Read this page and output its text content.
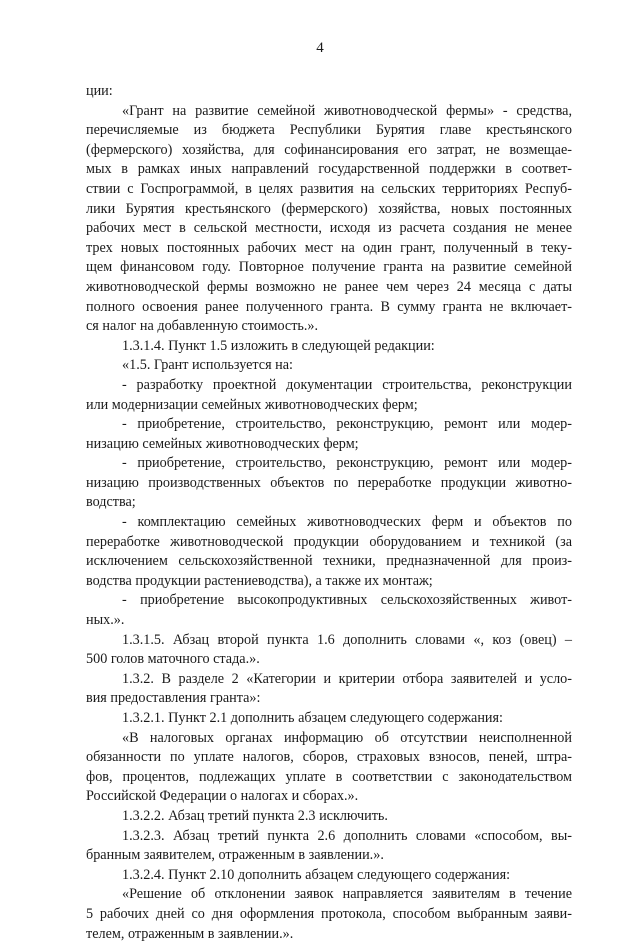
4
ции:
«Грант на развитие семейной животноводческой фермы» - средства,
перечисляемые из бюджета Республики Бурятия главе крестьянского
(фермерского) хозяйства, для софинансирования его затрат, не возмещае-
мых в рамках иных направлений государственной поддержки в соответ-
ствии с Госпрограммой, в целях развития на сельских территориях Респуб-
лики Бурятия крестьянского (фермерского) хозяйства, новых постоянных
рабочих мест в сельской местности, исходя из расчета создания не менее
трех новых постоянных рабочих мест на один грант, полученный в теку-
щем финансовом году. Повторное получение гранта на развитие семейной
животноводческой фермы возможно не ранее чем через 24 месяца с даты
полного освоения ранее полученного гранта. В сумму гранта не включает-
ся налог на добавленную стоимость.».
1.3.1.4. Пункт 1.5 изложить в следующей редакции:
«1.5. Грант используется на:
- разработку проектной документации строительства, реконструкции
или модернизации семейных животноводческих ферм;
- приобретение, строительство, реконструкцию, ремонт или модер-
низацию семейных животноводческих ферм;
- приобретение, строительство, реконструкцию, ремонт или модер-
низацию производственных объектов по переработке продукции животно-
водства;
- комплектацию семейных животноводческих ферм и объектов по
переработке животноводческой продукции оборудованием и техникой (за
исключением сельскохозяйственной техники, предназначенной для произ-
водства продукции растениеводства), а также их монтаж;
- приобретение высокопродуктивных сельскохозяйственных живот-
ных.».
1.3.1.5. Абзац второй пункта 1.6 дополнить словами «, коз (овец) –
500 голов маточного стада.».
1.3.2. В разделе 2 «Категории и критерии отбора заявителей и усло-
вия предоставления гранта»:
1.3.2.1. Пункт 2.1 дополнить абзацем следующего содержания:
«В налоговых органах информацию об отсутствии неисполненной
обязанности по уплате налогов, сборов, страховых взносов, пеней, штра-
фов, процентов, подлежащих уплате в соответствии с законодательством
Российской Федерации о налогах и сборах.».
1.3.2.2. Абзац третий пункта 2.3 исключить.
1.3.2.3. Абзац третий пункта 2.6 дополнить словами «способом, вы-
бранным заявителем, отраженным в заявлении.».
1.3.2.4. Пункт 2.10 дополнить абзацем следующего содержания:
«Решение об отклонении заявок направляется заявителям в течение
5 рабочих дней со дня оформления протокола, способом выбранным заяви-
телем, отраженным в заявлении.».
